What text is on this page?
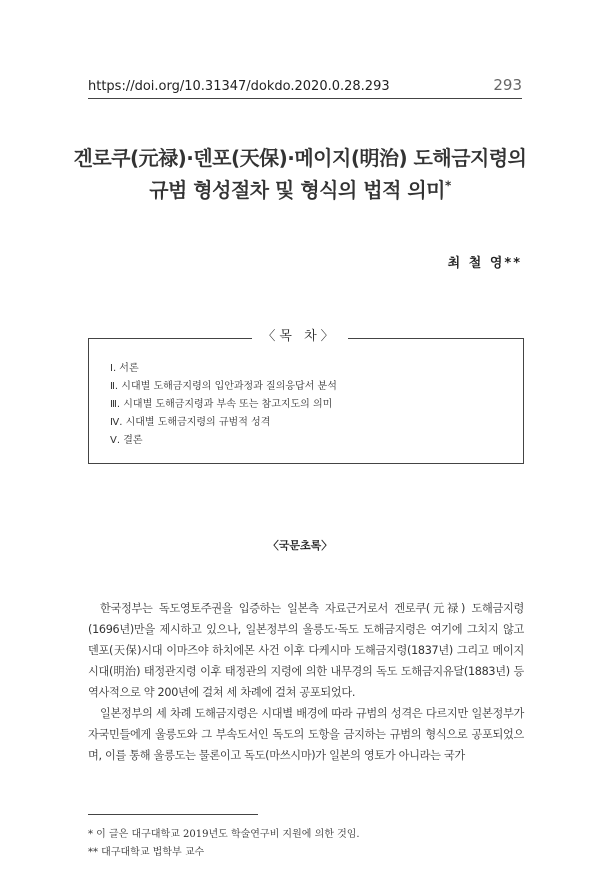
https://doi.org/10.31347/dokdo.2020.0.28.293	293
겐로쿠(元禄)·덴포(天保)·메이지(明治) 도해금지령의
규범 형성절차 및 형식의 법적 의미*
최 철 영**
〈목 차〉
Ⅰ. 서론
Ⅱ. 시대별 도해금지령의 입안과정과 질의응답서 분석
Ⅲ. 시대별 도해금지령과 부속 또는 참고지도의 의미
Ⅳ. 시대별 도해금지령의 규범적 성격
Ⅴ. 결론
〈국문초록〉

한국정부는 독도영토주권을 입증하는 일본측 자료근거로서 겐로쿠(元禄) 도해금지령(1696년)만을 제시하고 있으나, 일본정부의 울릉도·독도 도해금지령은 여기에 그치지 않고 덴포(天保)시대 이마즈야 하치에몬 사건 이후 다케시마 도해금지령(1837년) 그리고 메이지시대(明治) 태정관지령 이후 태정관의 지령에 의한 내무경의 독도 도해금지유달(1883년) 등 역사적으로 약 200년에 걸쳐 세 차례에 걸쳐 공포되었다.

일본정부의 세 차례 도해금지령은 시대별 배경에 따라 규범의 성격은 다르지만 일본정부가 자국민들에게 울릉도와 그 부속도서인 독도의 도항을 금지하는 규범의 형식으로 공포되었으며, 이를 통해 울릉도는 물론이고 독도(마쓰시마)가 일본의 영토가 아니라는 국가

* 이 글은 대구대학교 2019년도 학술연구비 지원에 의한 것임.
** 대구대학교 법학부 교수
